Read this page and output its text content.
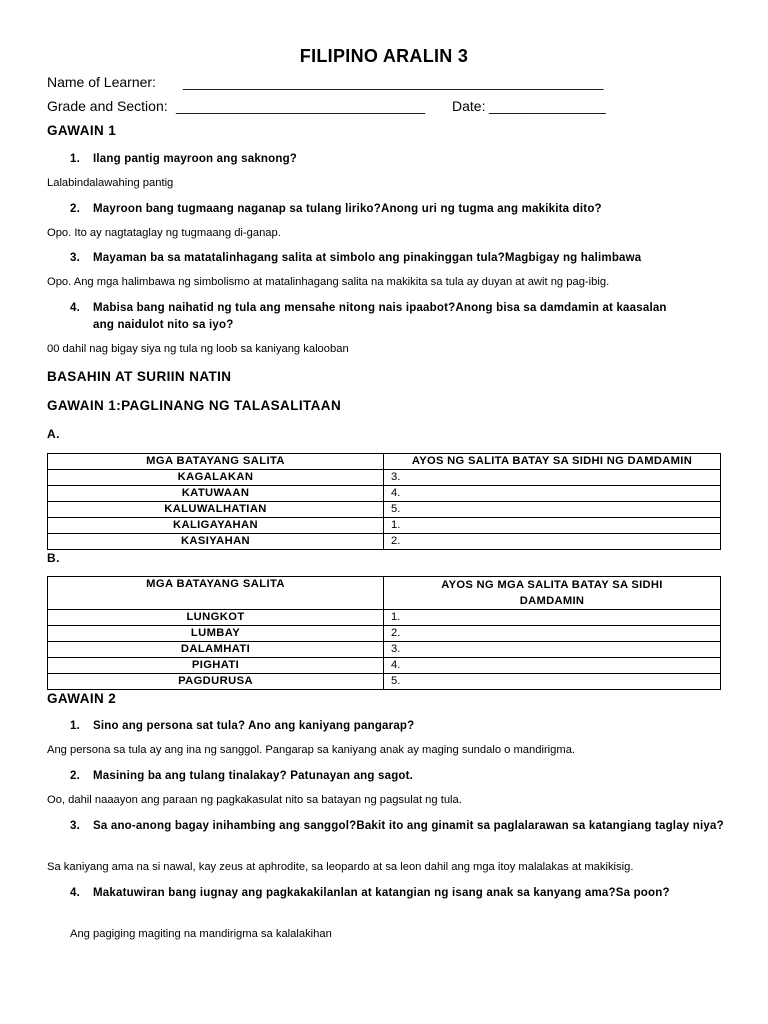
FILIPINO ARALIN 3
Name of Learner: ______________________________________________________
Grade and Section: ________________________________ Date: _______________
GAWAIN 1
1. Ilang pantig mayroon ang saknong?
Lalabindalawahing pantig
2. Mayroon bang tugmaang naganap sa tulang liriko?Anong uri ng tugma ang makikita dito?
Opo. Ito ay nagtataglay ng tugmaang di-ganap.
3. Mayaman ba sa matatalinhagang salita at simbolo ang pinakinggan tula?Magbigay ng halimbawa
Opo. Ang mga halimbawa ng simbolismo at matalinhagang salita na makikita sa tula ay duyan at awit ng pag-ibig.
4. Mabisa bang naihatid ng tula ang mensahe nitong nais ipaabot?Anong bisa sa damdamin at kaasalan ang naidulot nito sa iyo?
00 dahil nag bigay siya ng tula ng loob sa kaniyang kalooban
BASAHIN AT SURIIN NATIN
GAWAIN 1:PAGLINANG NG TALASALITAAN
A.
MGA BATAYANG SALITA	AYOS NG SALITA BATAY SA SIDHI NG DAMDAMIN
KAGALAKAN	3.
KATUWAAN	4.
KALUWALHATIAN	5.
KALIGAYAHAN	1.
KASIYAHAN	2.
B.
MGA BATAYANG SALITA	AYOS NG MGA SALITA BATAY SA SIDHI DAMDAMIN
LUNGKOT	1.
LUMBAY	2.
DALAMHATI	3.
PIGHATI	4.
PAGDURUSA	5.
GAWAIN 2
1. Sino ang persona sat tula? Ano ang kaniyang pangarap?
Ang persona sa tula ay ang ina ng sanggol. Pangarap sa kaniyang anak ay maging sundalo o mandirigma.
2. Masining ba ang tulang tinalakay? Patunayan ang sagot.
Oo, dahil naaayon ang paraan ng pagkakasulat nito sa batayan ng pagsulat ng tula.
3. Sa ano-anong bagay inihambing ang sanggol?Bakit ito ang ginamit sa paglalarawan sa katangiang taglay niya?
Sa kaniyang ama na si nawal, kay zeus at aphrodite, sa leopardo at sa leon dahil ang mga itoy malalakas at makikisig.
4. Makatuwiran bang iugnay ang pagkakakilanlan at katangian ng isang anak sa kanyang ama?Sa poon?
Ang pagiging magiting na mandirigma sa kalalakihan
